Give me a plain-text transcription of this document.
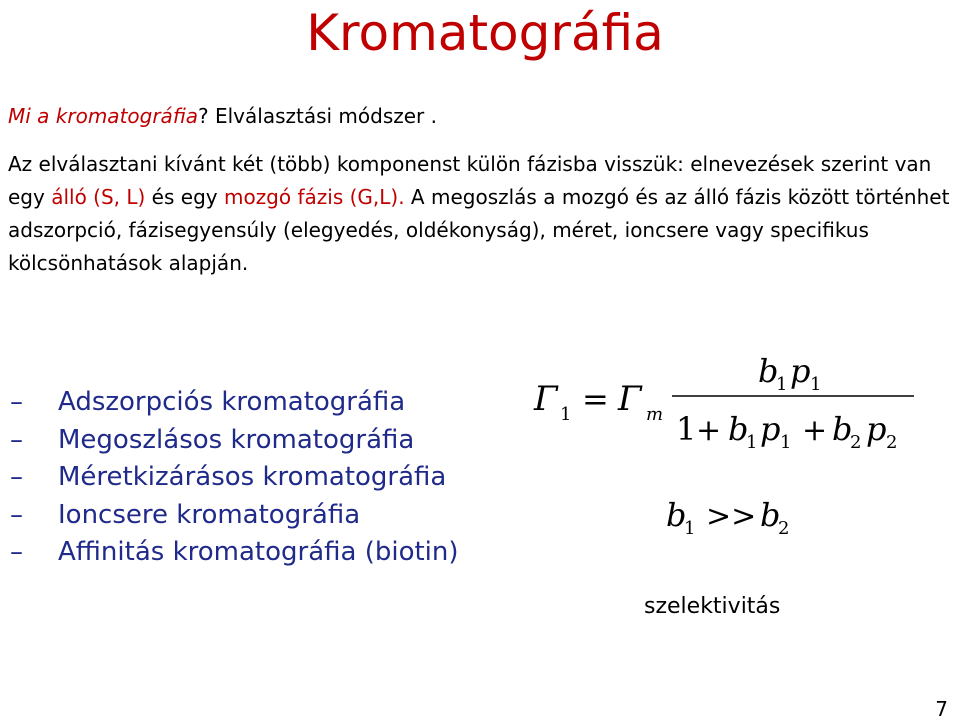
Kromatográfia
Mi a kromatográfia? Elválasztási módszer .
Az elválasztani kívánt két (több) komponenst külön fázisba visszük: elnevezések szerint van egy álló (S, L) és egy mozgó fázis (G,L). A megoszlás a mozgó és az álló fázis között történhet adszorpció, fázisegyensúly (elegyedés, oldékonyság), méret, ioncsere vagy specifikus kölcsönhatások alapján.
– Adszorpciós kromatográfia
– Megoszlásos kromatográfia
– Méretkizárásos kromatográfia
– Ioncsere kromatográfia
– Affinitás kromatográfia (biotin)
Γ 1 = Γ m
b
1 p 1
1 + b
1 p 1 + b
2 p 2
b
1 >> b
2
szelektivitás
7
